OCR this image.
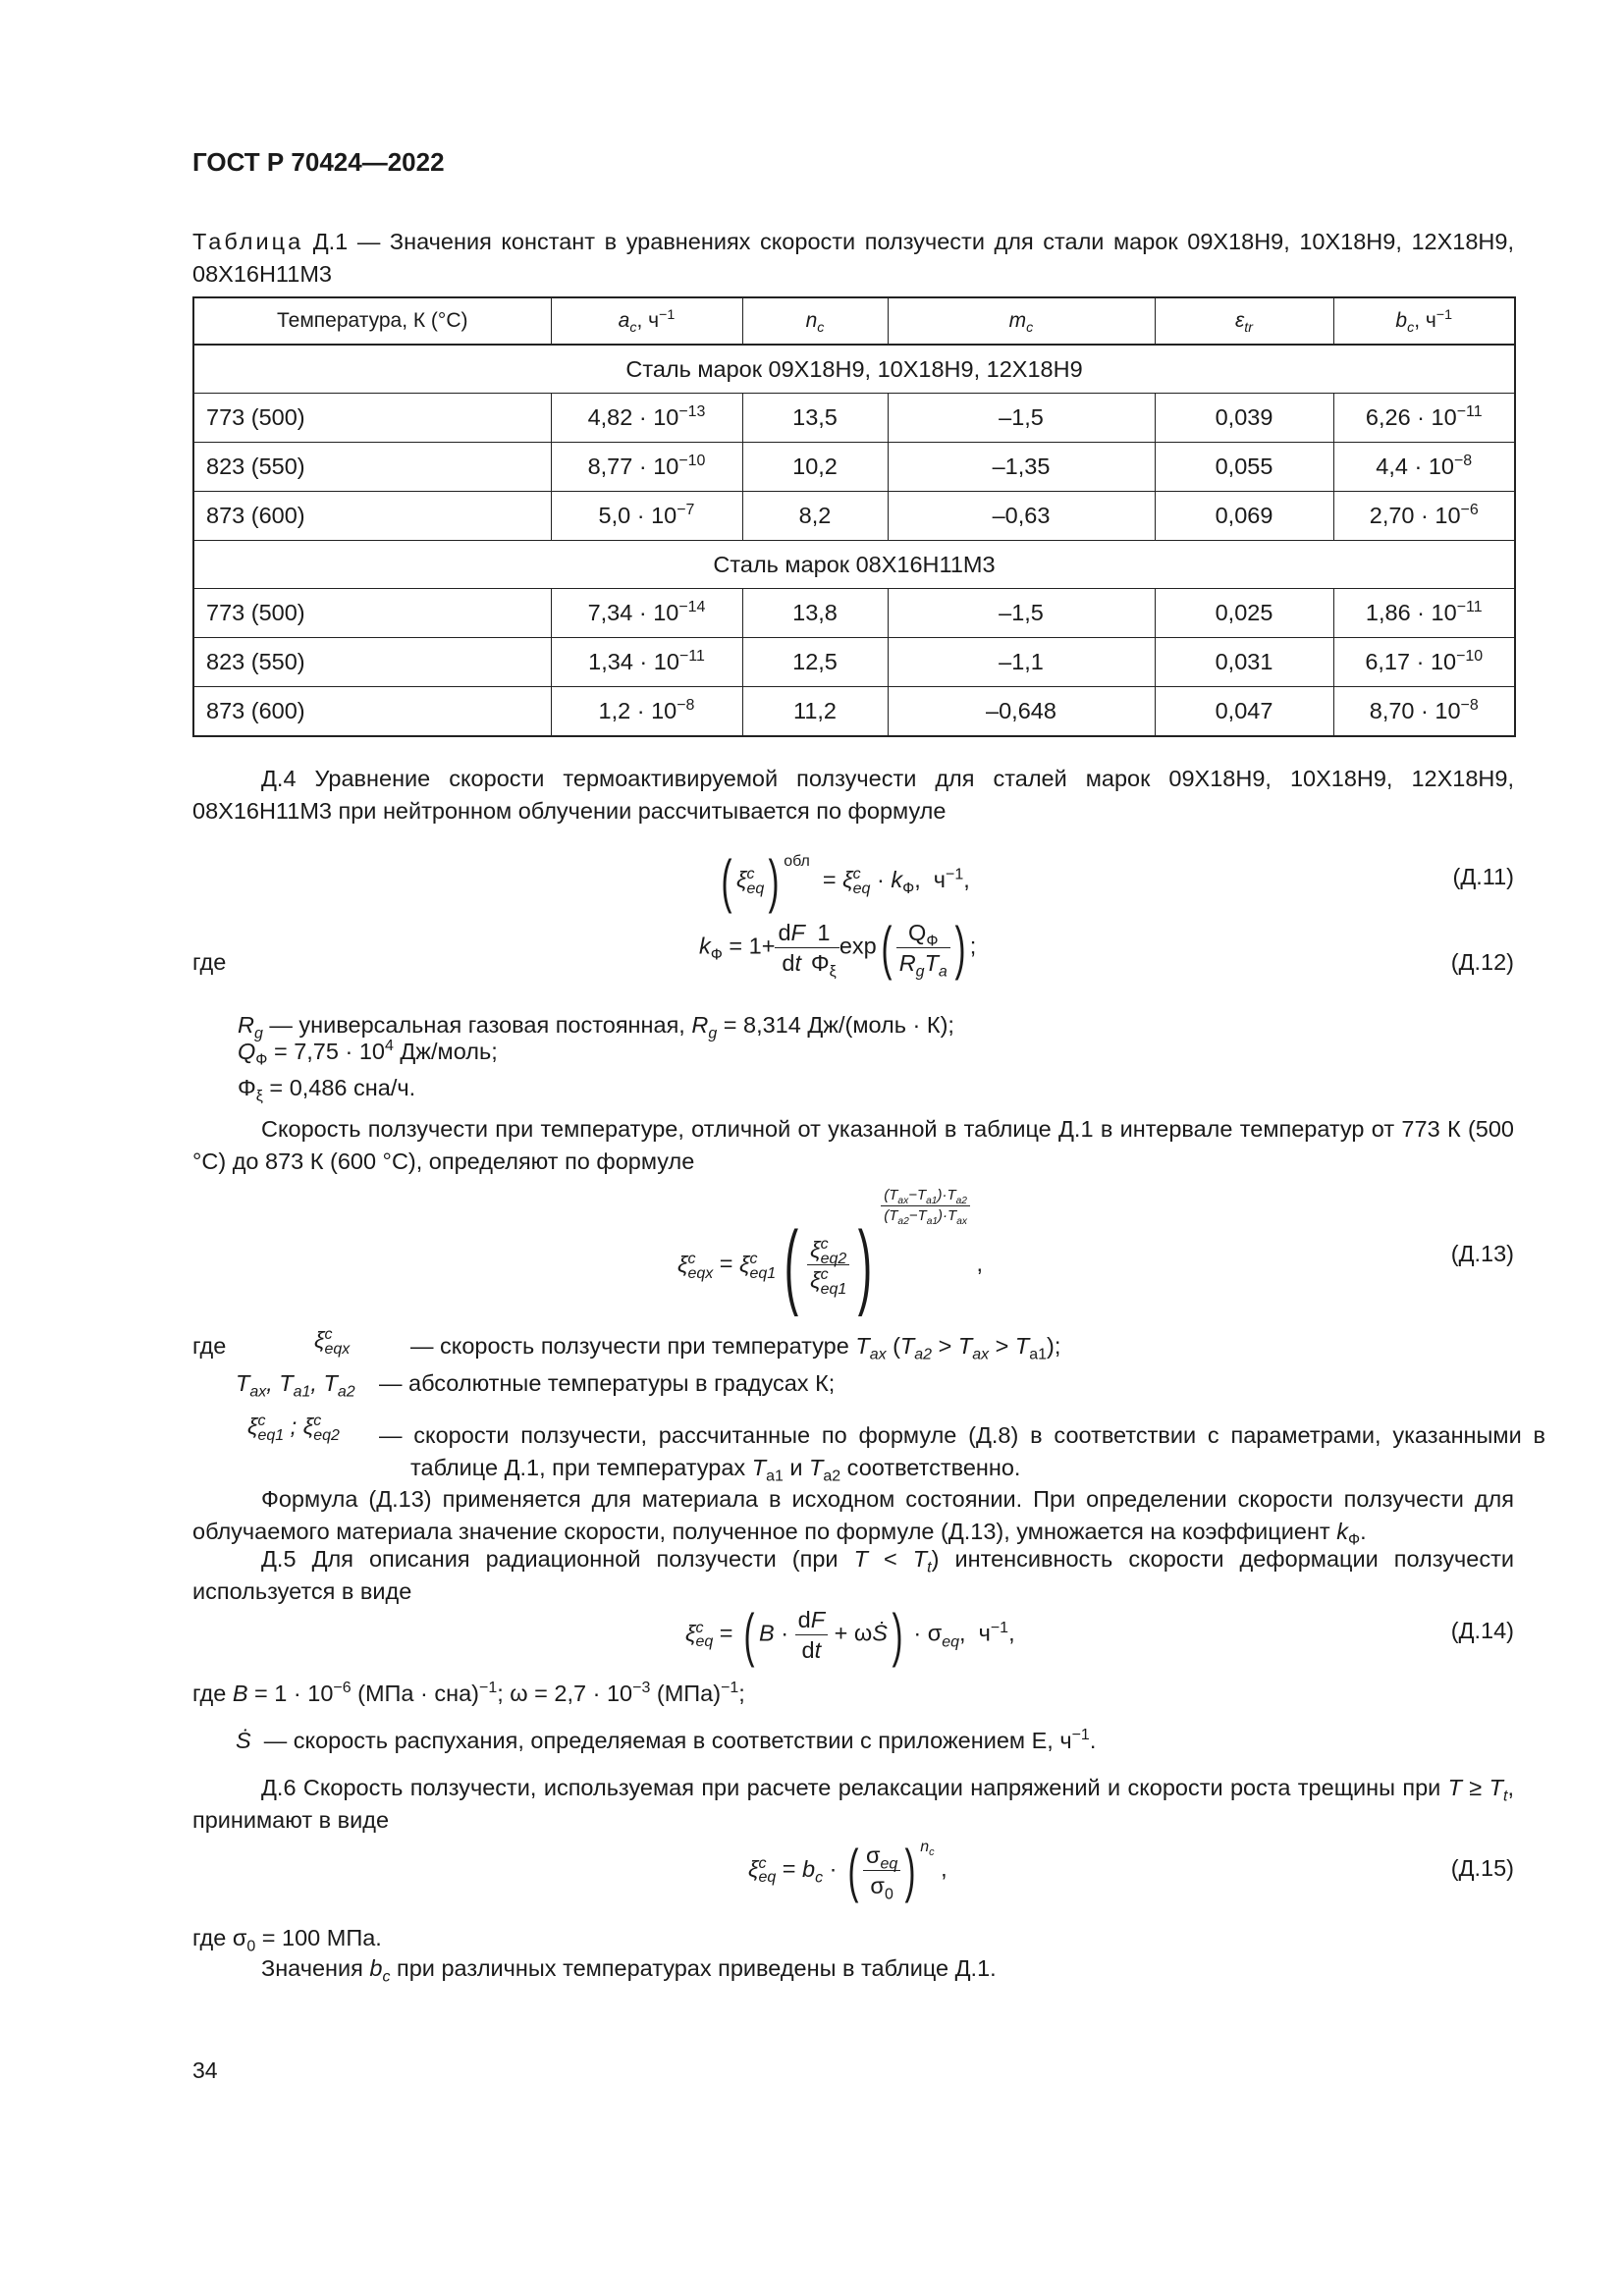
ГОСТ Р 70424—2022
Таблица Д.1 — Значения констант в уравнениях скорости ползучести для стали марок 09Х18Н9, 10Х18Н9, 12Х18Н9, 08Х16Н11М3
Температура, К (°С)	$a_c$, $ч^{-1}$	$n_c$	$m_c$	$\varepsilon_{tr}$	$b_c$, $ч^{-1}$
Сталь марок 09Х18Н9, 10Х18Н9, 12Х18Н9					
773 (500)	$4,82 \cdot 10^{-13}$	13,5	–1,5	0,039	$6,26 \cdot 10^{-11}$
823 (550)	$8,77 \cdot 10^{-10}$	10,2	–1,35	0,055	$4,4 \cdot 10^{-8}$
873 (600)	$5,0 \cdot 10^{-7}$	8,2	–0,63	0,069	$2,70 \cdot 10^{-6}$
Сталь марок 08Х16Н11М3					
773 (500)	$7,34 \cdot 10^{-14}$	13,8	–1,5	0,025	$1,86 \cdot 10^{-11}$
823 (550)	$1,34 \cdot 10^{-11}$	12,5	–1,1	0,031	$6,17 \cdot 10^{-10}$
873 (600)	$1,2 \cdot 10^{-8}$	11,2	–0,648	0,047	$8,70 \cdot 10^{-8}$
Д.4 Уравнение скорости термоактивируемой ползучести для сталей марок 09Х18Н9, 10Х18Н9, 12Х18Н9, 08Х16Н11М3 при нейтронном облучении рассчитывается по формуле
( $\xi^c_{eq}$) $^{обл} = \xi^c_{eq} \cdot k_Ф$,  $ч^{-1}$,	(Д.11)
где
$k_Ф = 1+ \frac{dF}{dt} \frac{1}{\Phi_\xi} \exp( \frac{Q_Ф}{R_gT_a}$ ) ;
(Д.12)
$R_g$ — универсальная газовая постоянная, $R_g = 8,314$ Дж/(моль · К);
$Q_Ф = 7,75 \cdot 10^4$ Дж/моль;
$\Phi_\xi = 0,486$ сна/ч.
Скорость ползучести при температуре, отличной от указанной в таблице Д.1 в интервале температур от 773 К (500 °С) до 873 К (600 °С), определяют по формуле
$\xi^c_{eqx} = \xi^c_{eq1}( \frac{\xi^c_{eq2}}{\xi^c_{eq1}}$ )
$\frac{(T_{ax}-T_{a1})\cdot T_{a2}}{(T_{a2}-T_{a1})\cdot T_{ax}}$
,	(Д.13)
где	$\xi^c_{eqx}$	— скорость ползучести при температуре $T_{ax}$ $(T_{a2} > T_{ax} > T_{a1})$;
$T_{ax}$, $T_{a1}$, $T_{a2}$ — абсолютные температуры в градусах К;
$\xi^c_{eq1}$ ; $\xi^c_{eq2}$ — скорости ползучести, рассчитанные по формуле (Д.8) в соответствии с параметрами, указанными в таблице Д.1, при температурах $T_{a1}$ и $T_{a2}$ соответственно.
Формула (Д.13) применяется для материала в исходном состоянии. При определении скорости ползучести для облучаемого материала значение скорости, полученное по формуле (Д.13), умножается на коэффициент $k_Ф$.
Д.5 Для описания радиационной ползучести (при $T < T_t$) интенсивность скорости деформации ползучести используется в виде
$\xi^c_{eq}$ = ( $B \cdot \frac{dF}{dt}$ + ωṠ) · $\sigma_{eq}$,  $ч^{-1}$,	(Д.14)
где $B = 1 \cdot 10^{-6}$ (МПа · сна)$^{-1}$; $\omega = 2,7 \cdot 10^{-3}$ (МПа)$^{-1}$;
Ṡ  — скорость распухания, определяемая в соответствии с приложением Е, $ч^{-1}$.
Д.6 Скорость ползучести, используемая при расчете релаксации напряжений и скорости роста трещины при $T \ge T_t$, принимают в виде
$\xi^c_{eq} = b_c$ · ( $\frac{\sigma_{eq}}{\sigma_0}$ ) $^{n_c}$ ,	(Д.15)
где $\sigma_0 = 100$ МПа.
Значения $b_c$ при различных температурах приведены в таблице Д.1.
34
